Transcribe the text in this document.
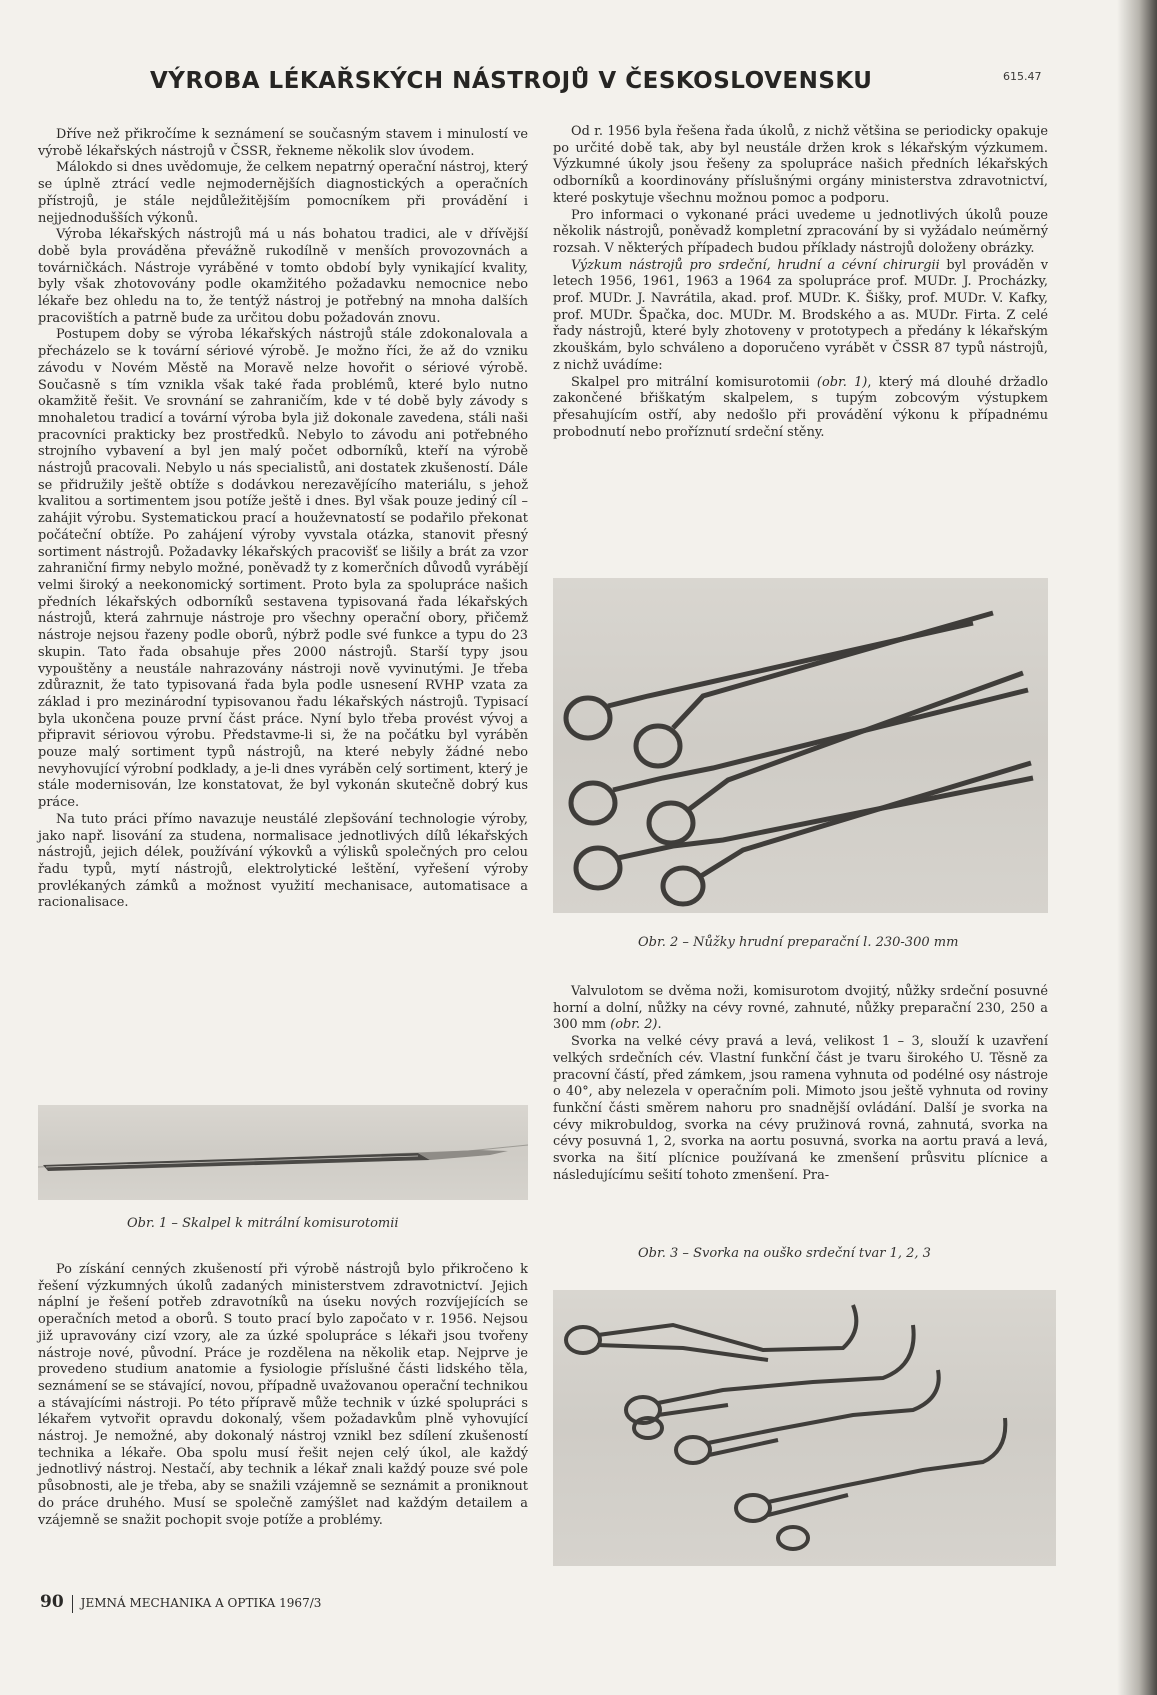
VÝROBA LÉKAŘSKÝCH NÁSTROJŮ V ČESKOSLOVENSKU	615.47

Dříve než přikročíme k seznámení se současným stavem i minulostí ve výrobě lékařských nástrojů v ČSSR, řekneme několik slov úvodem.

Málokdo si dnes uvědomuje, že celkem nepatrný operační nástroj, který se úplně ztrácí vedle nejmodernějších diagnostických a operačních přístrojů, je stále nejdůležitějším pomocníkem při provádění i nejjednodušších výkonů.

Výroba lékařských nástrojů má u nás bohatou tradici, ale v dřívější době byla prováděna převážně rukodílně v menších provozovnách a továrničkách. Nástroje vyráběné v tomto období byly vynikající kvality, byly však zhotovovány podle okamžitého požadavku nemocnice nebo lékaře bez ohledu na to, že tentýž nástroj je potřebný na mnoha dalších pracovištích a patrně bude za určitou dobu požadován znovu.

Postupem doby se výroba lékařských nástrojů stále zdokonalovala a přecházelo se k tovární sériové výrobě. Je možno říci, že až do vzniku závodu v Novém Městě na Moravě nelze hovořit o sériové výrobě. Současně s tím vznikla však také řada problémů, které bylo nutno okamžitě řešit. Ve srovnání se zahraničím, kde v té době byly závody s mnohaletou tradicí a tovární výroba byla již dokonale zavedena, stáli naši pracovníci prakticky bez prostředků. Nebylo to závodu ani potřebného strojního vybavení a byl jen malý počet odborníků, kteří na výrobě nástrojů pracovali. Nebylo u nás specialistů, ani dostatek zkušeností. Dále se přidružily ještě obtíže s dodávkou nerezavějícího materiálu, s jehož kvalitou a sortimentem jsou potíže ještě i dnes. Byl však pouze jediný cíl – zahájit výrobu. Systematickou prací a houževnatostí se podařilo překonat počáteční obtíže. Po zahájení výroby vyvstala otázka, stanovit přesný sortiment nástrojů. Požadavky lékařských pracovišť se lišily a brát za vzor zahraniční firmy nebylo možné, poněvadž ty z komerčních důvodů vyrábějí velmi široký a neekonomický sortiment. Proto byla za spolupráce našich předních lékařských odborníků sestavena typisovaná řada lékařských nástrojů, která zahrnuje nástroje pro všechny operační obory, přičemž nástroje nejsou řazeny podle oborů, nýbrž podle své funkce a typu do 23 skupin. Tato řada obsahuje přes 2000 nástrojů. Starší typy jsou vypouštěny a neustále nahrazovány nástroji nově vyvinutými. Je třeba zdůraznit, že tato typisovaná řada byla podle usnesení RVHP vzata za základ i pro mezinárodní typisovanou řadu lékařských nástrojů. Typisací byla ukončena pouze první část práce. Nyní bylo třeba provést vývoj a připravit sériovou výrobu. Představme-li si, že na počátku byl vyráběn pouze malý sortiment typů nástrojů, na které nebyly žádné nebo nevyhovující výrobní podklady, a je-li dnes vyráběn celý sortiment, který je stále modernisován, lze konstatovat, že byl vykonán skutečně dobrý kus práce.

Na tuto práci přímo navazuje neustálé zlepšování technologie výroby, jako např. lisování za studena, normalisace jednotlivých dílů lékařských nástrojů, jejich délek, používání výkovků a výlisků společných pro celou řadu typů, mytí nástrojů, elektrolytické leštění, vyřešení výroby provlékaných zámků a možnost využití mechanisace, automatisace a racionalisace.

Obr. 1 – Skalpel k mitrální komisurotomii

Po získání cenných zkušeností při výrobě nástrojů bylo přikročeno k řešení výzkumných úkolů zadaných ministerstvem zdravotnictví. Jejich náplní je řešení potřeb zdravotníků na úseku nových rozvíjejících se operačních metod a oborů. S touto prací bylo započato v r. 1956. Nejsou již upravovány cizí vzory, ale za úzké spolupráce s lékaři jsou tvořeny nástroje nové, původní. Práce je rozdělena na několik etap. Nejprve je provedeno studium anatomie a fysiologie příslušné části lidského těla, seznámení se se stávající, novou, případně uvažovanou operační technikou a stávajícími nástroji. Po této přípravě může technik v úzké spolupráci s lékařem vytvořit opravdu dokonalý, všem požadavkům plně vyhovující nástroj. Je nemožné, aby dokonalý nástroj vznikl bez sdílení zkušeností technika a lékaře. Oba spolu musí řešit nejen celý úkol, ale každý jednotlivý nástroj. Nestačí, aby technik a lékař znali každý pouze své pole působnosti, ale je třeba, aby se snažili vzájemně se seznámit a proniknout do práce druhého. Musí se společně zamýšlet nad každým detailem a vzájemně se snažit pochopit svoje potíže a problémy.

Od r. 1956 byla řešena řada úkolů, z nichž většina se periodicky opakuje po určité době tak, aby byl neustále držen krok s lékařským výzkumem. Výzkumné úkoly jsou řešeny za spolupráce našich předních lékařských odborníků a koordinovány příslušnými orgány ministerstva zdravotnictví, které poskytuje všechnu možnou pomoc a podporu.

Pro informaci o vykonané práci uvedeme u jednotlivých úkolů pouze několik nástrojů, poněvadž kompletní zpracování by si vyžádalo neúměrný rozsah. V některých případech budou příklady nástrojů doloženy obrázky.

Výzkum nástrojů pro srdeční, hrudní a cévní chirurgii byl prováděn v letech 1956, 1961, 1963 a 1964 za spolupráce prof. MUDr. J. Procházky, prof. MUDr. J. Navrátila, akad. prof. MUDr. K. Šišky, prof. MUDr. V. Kafky, prof. MUDr. Špačka, doc. MUDr. M. Brodského a as. MUDr. Firta. Z celé řady nástrojů, které byly zhotoveny v prototypech a předány k lékařským zkouškám, bylo schváleno a doporučeno vyrábět v ČSSR 87 typů nástrojů, z nichž uvádíme:

Skalpel pro mitrální komisurotomii (obr. 1), který má dlouhé držadlo zakončené břiškatým skalpelem, s tupým zobcovým výstupkem přesahujícím ostří, aby nedošlo při provádění výkonu k případnému probodnutí nebo proříznutí srdeční stěny.

Obr. 2 – Nůžky hrudní preparační l. 230-300 mm

Valvulotom se dvěma noži, komisurotom dvojitý, nůžky srdeční posuvné horní a dolní, nůžky na cévy rovné, zahnuté, nůžky preparační 230, 250 a 300 mm (obr. 2).

Svorka na velké cévy pravá a levá, velikost 1 – 3, slouží k uzavření velkých srdečních cév. Vlastní funkční část je tvaru širokého U. Těsně za pracovní částí, před zámkem, jsou ramena vyhnuta od podélné osy nástroje o 40°, aby nelezela v operačním poli. Mimoto jsou ještě vyhnuta od roviny funkční části směrem nahoru pro snadnější ovládání. Další je svorka na cévy mikrobuldog, svorka na cévy pružinová rovná, zahnutá, svorka na cévy posuvná 1, 2, svorka na aortu posuvná, svorka na aortu pravá a levá, svorka na šití plícnice používaná ke zmenšení průsvitu plícnice a následujícímu sešití tohoto zmenšení. Pra-

Obr. 3 – Svorka na ouško srdeční tvar 1, 2, 3
90 JEMNÁ MECHANIKA A OPTIKA 1967/3
